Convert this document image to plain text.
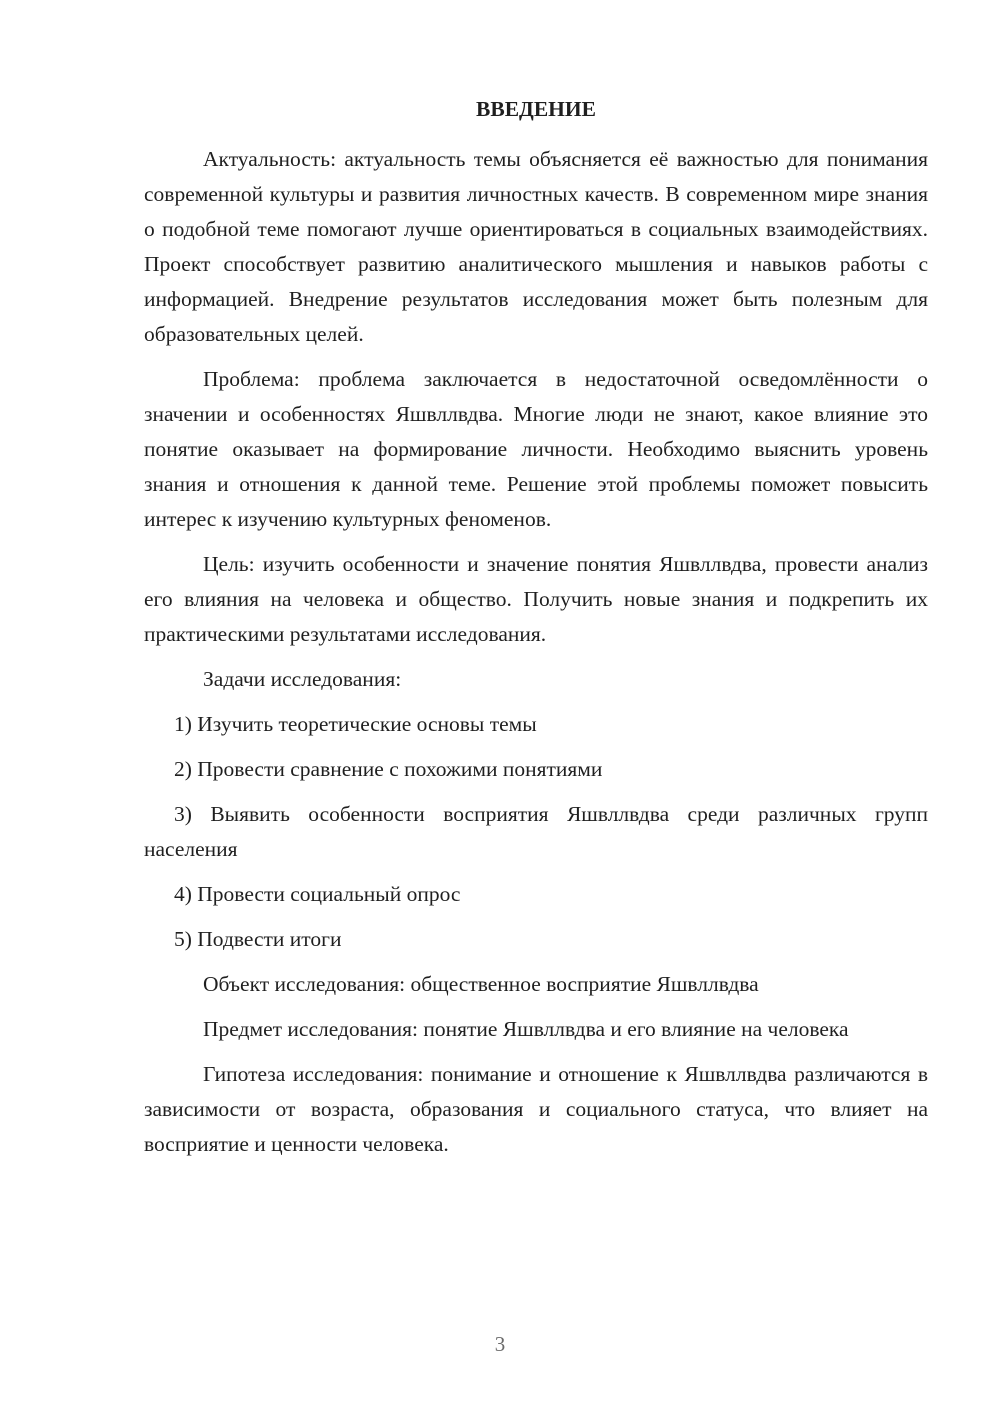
ВВЕДЕНИЕ

Актуальность: актуальность темы объясняется её важностью для понимания современной культуры и развития личностных качеств. В современном мире знания о подобной теме помогают лучше ориентироваться в социальных взаимодействиях. Проект способствует развитию аналитического мышления и навыков работы с информацией. Внедрение результатов исследования может быть полезным для образовательных целей.

Проблема: проблема заключается в недостаточной осведомлённости о значении и особенностях Яшвллвдва. Многие люди не знают, какое влияние это понятие оказывает на формирование личности. Необходимо выяснить уровень знания и отношения к данной теме. Решение этой проблемы поможет повысить интерес к изучению культурных феноменов.

Цель: изучить особенности и значение понятия Яшвллвдва, провести анализ его влияния на человека и общество. Получить новые знания и подкрепить их практическими результатами исследования.

Задачи исследования:

1) Изучить теоретические основы темы

2) Провести сравнение с похожими понятиями

3) Выявить особенности восприятия Яшвллвдва среди различных групп населения

4) Провести социальный опрос

5) Подвести итоги

Объект исследования: общественное восприятие Яшвллвдва

Предмет исследования: понятие Яшвллвдва и его влияние на человека

Гипотеза исследования: понимание и отношение к Яшвллвдва различаются в зависимости от возраста, образования и социального статуса, что влияет на восприятие и ценности человека.

3
